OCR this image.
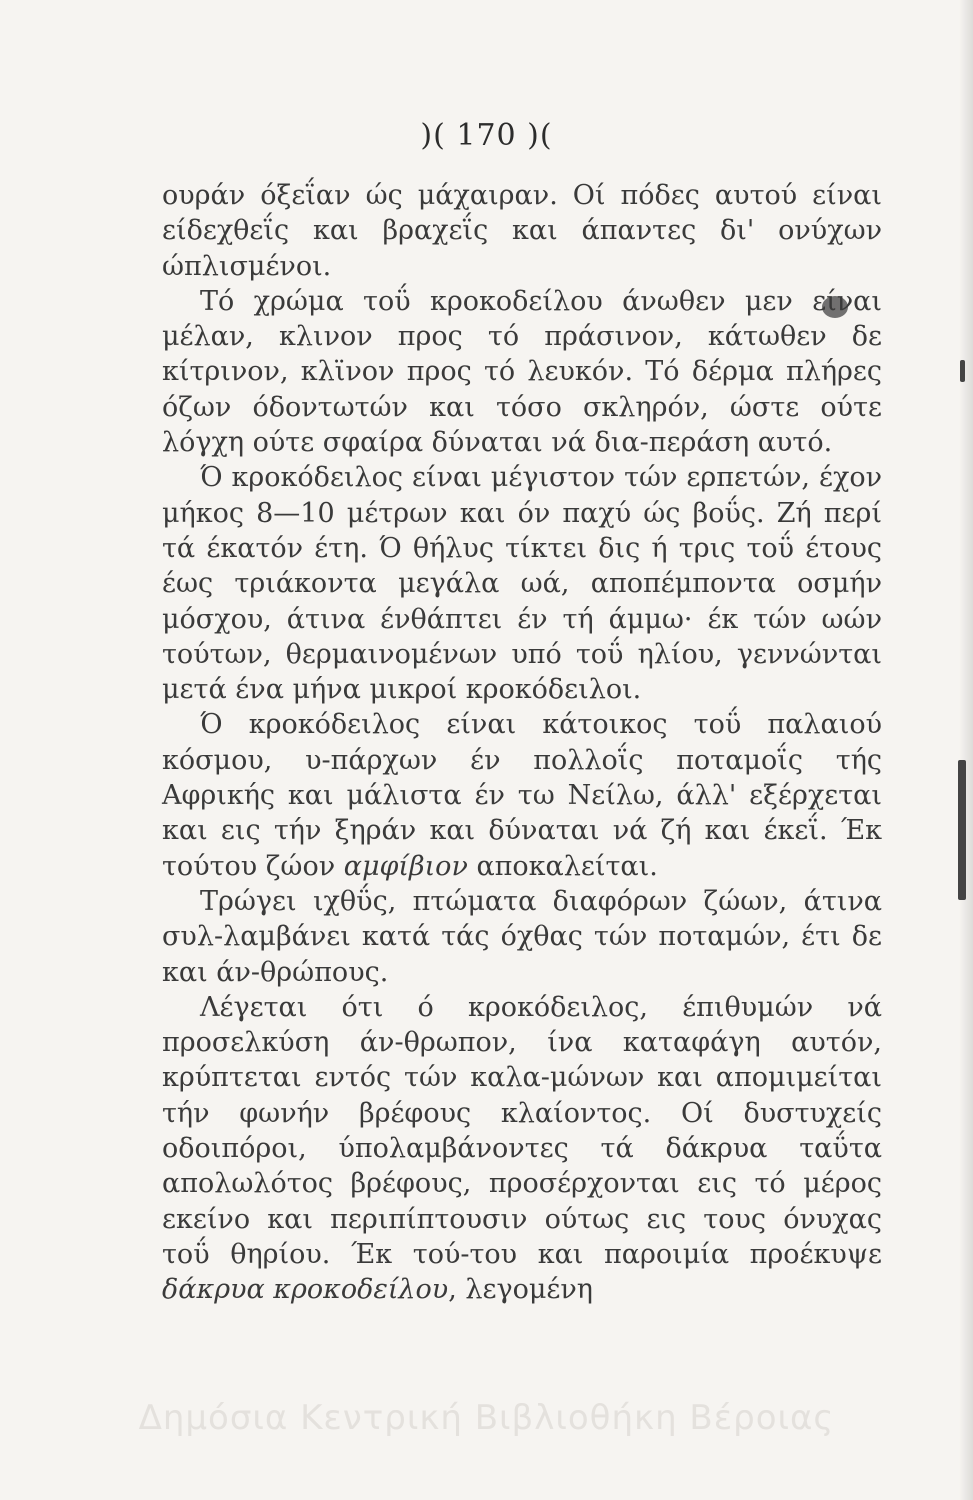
)( 170 )(

ουράν όξεΐαν ώς μάχαιραν. Οί πόδες αυτού είναι είδεχθεΐς και βραχεΐς και άπαντες δι' ονύχων ώπλισμένοι.

Τό χρώμα τοΰ κροκοδείλου άνωθεν μεν είναι μέλαν, κλινον προς τό πράσινον, κάτωθεν δε κίτρινον, κλϊνον προς τό λευκόν. Τό δέρμα πλήρες όζων όδοντωτών και τόσο σκληρόν, ώστε ούτε λόγχη ούτε σφαίρα δύναται νά δια-περάση αυτό.

Ό κροκόδειλος είναι μέγιστον τών ερπετών, έχον μήκος 8—10 μέτρων και όν παχύ ώς βοΰς. Ζή περί τά έκατόν έτη. Ό θήλυς τίκτει δις ή τρις τοΰ έτους έως τριάκοντα μεγάλα ωά, αποπέμποντα οσμήν μόσχου, άτινα ένθάπτει έν τή άμμω· έκ τών ωών τούτων, θερμαινομένων υπό τοΰ ηλίου, γεννώνται μετά ένα μήνα μικροί κροκόδειλοι.

Ό κροκόδειλος είναι κάτοικος τοΰ παλαιού κόσμου, υ-πάρχων έν πολλοΐς ποταμοΐς τής Αφρικής και μάλιστα έν τω Νείλω, άλλ' εξέρχεται και εις τήν ξηράν και δύναται νά ζή και έκεΐ. Έκ τούτου ζώον αμφίβιον αποκαλείται.

Τρώγει ιχθΰς, πτώματα διαφόρων ζώων, άτινα συλ-λαμβάνει κατά τάς όχθας τών ποταμών, έτι δε και άν-θρώπους.

Λέγεται ότι ό κροκόδειλος, έπιθυμών νά προσελκύση άν-θρωπον, ίνα καταφάγη αυτόν, κρύπτεται εντός τών καλα-μώνων και απομιμείται τήν φωνήν βρέφους κλαίοντος. Οί δυστυχείς οδοιπόροι, ύπολαμβάνοντες τά δάκρυα ταΰτα απολωλότος βρέφους, προσέρχονται εις τό μέρος εκείνο και περιπίπτουσιν ούτως εις τους όνυχας τοΰ θηρίου. Έκ τού-του και παροιμία προέκυψε δάκρυα κροκοδείλου, λεγομένη

Δημόσια Κεντρική Βιβλιοθήκη Βέροιας
